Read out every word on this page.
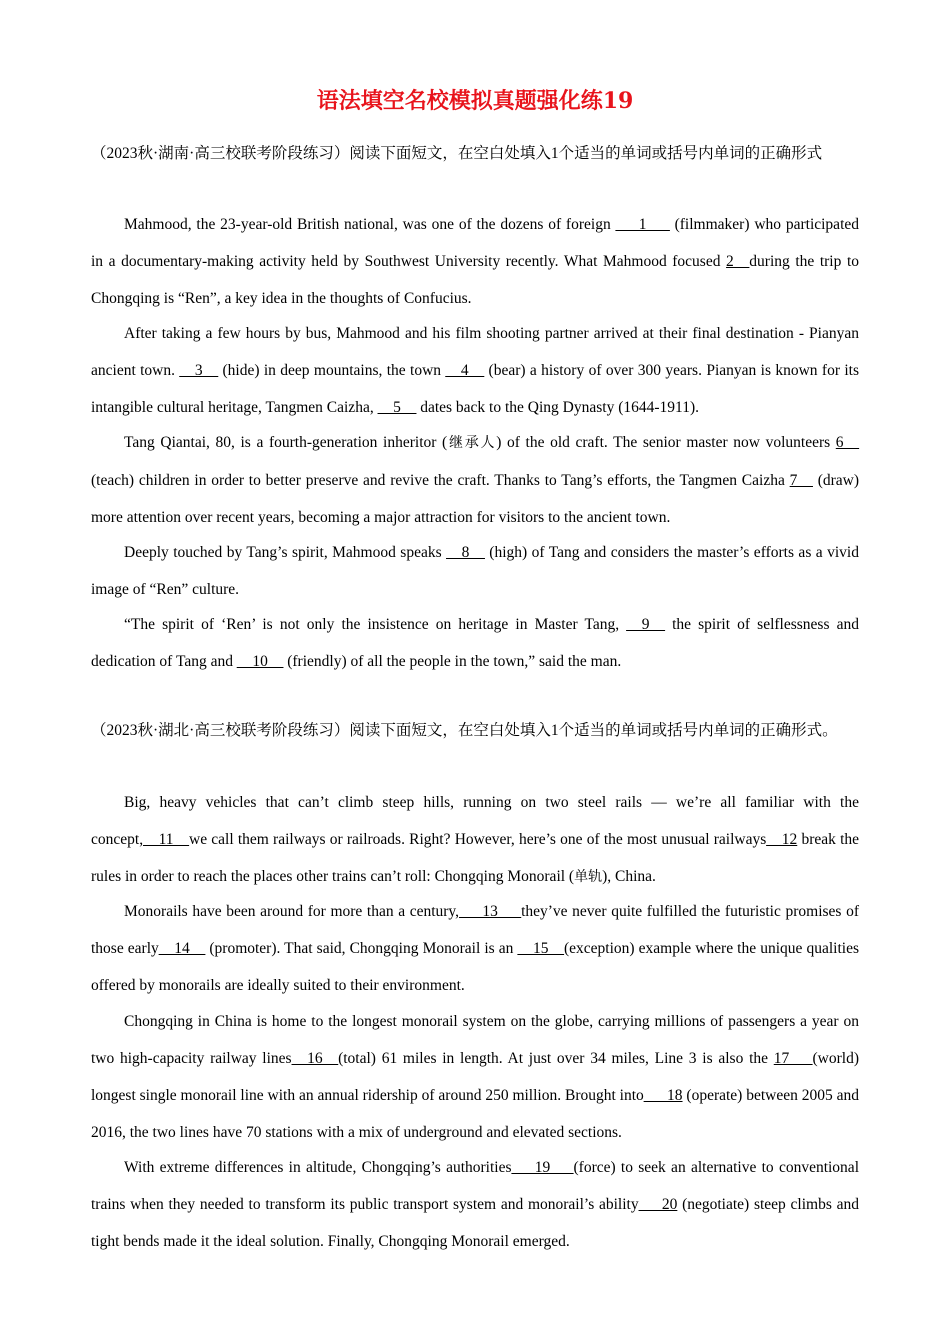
语法填空名校模拟真题强化练19
（2023秋·湖南·高三校联考阶段练习）阅读下面短文，在空白处填入1个适当的单词或括号内单词的正确形式
Mahmood, the 23-year-old British national, was one of the dozens of foreign ___1___ (filmmaker) who participated in a documentary-making activity held by Southwest University recently. What Mahmood focused 2__during the trip to Chongqing is “Ren”, a key idea in the thoughts of Confucius.
After taking a few hours by bus, Mahmood and his film shooting partner arrived at their final destination - Pianyan ancient town. __3__ (hide) in deep mountains, the town __4__ (bear) a history of over 300 years. Pianyan is known for its intangible cultural heritage, Tangmen Caizha, __5__ dates back to the Qing Dynasty (1644-1911).
Tang Qiantai, 80, is a fourth-generation inheritor (继承人) of the old craft. The senior master now volunteers 6__ (teach) children in order to better preserve and revive the craft. Thanks to Tang’s efforts, the Tangmen Caizha 7__ (draw) more attention over recent years, becoming a major attraction for visitors to the ancient town.
Deeply touched by Tang’s spirit, Mahmood speaks __8__ (high) of Tang and considers the master’s efforts as a vivid image of “Ren” culture.
“The spirit of ‘Ren’ is not only the insistence on heritage in Master Tang, __9__ the spirit of selflessness and dedication of Tang and __10__ (friendly) of all the people in the town,” said the man.
（2023秋·湖北·高三校联考阶段练习）阅读下面短文，在空白处填入1个适当的单词或括号内单词的正确形式。
Big, heavy vehicles that can’t climb steep hills, running on two steel rails — we’re all familiar with the concept,__11__we call them railways or railroads. Right? However, here’s one of the most unusual railways__12 break the rules in order to reach the places other trains can’t roll: Chongqing Monorail (单轨), China.
Monorails have been around for more than a century,___13___they’ve never quite fulfilled the futuristic promises of those early__14__ (promoter). That said, Chongqing Monorail is an __15__(exception) example where the unique qualities offered by monorails are ideally suited to their environment.
Chongqing in China is home to the longest monorail system on the globe, carrying millions of passengers a year on two high-capacity railway lines__16__(total) 61 miles in length. At just over 34 miles, Line 3 is also the 17___(world) longest single monorail line with an annual ridership of around 250 million. Brought into___18 (operate) between 2005 and 2016, the two lines have 70 stations with a mix of underground and elevated sections.
With extreme differences in altitude, Chongqing’s authorities___19___(force) to seek an alternative to conventional trains when they needed to transform its public transport system and monorail’s ability___20 (negotiate) steep climbs and tight bends made it the ideal solution. Finally, Chongqing Monorail emerged.
